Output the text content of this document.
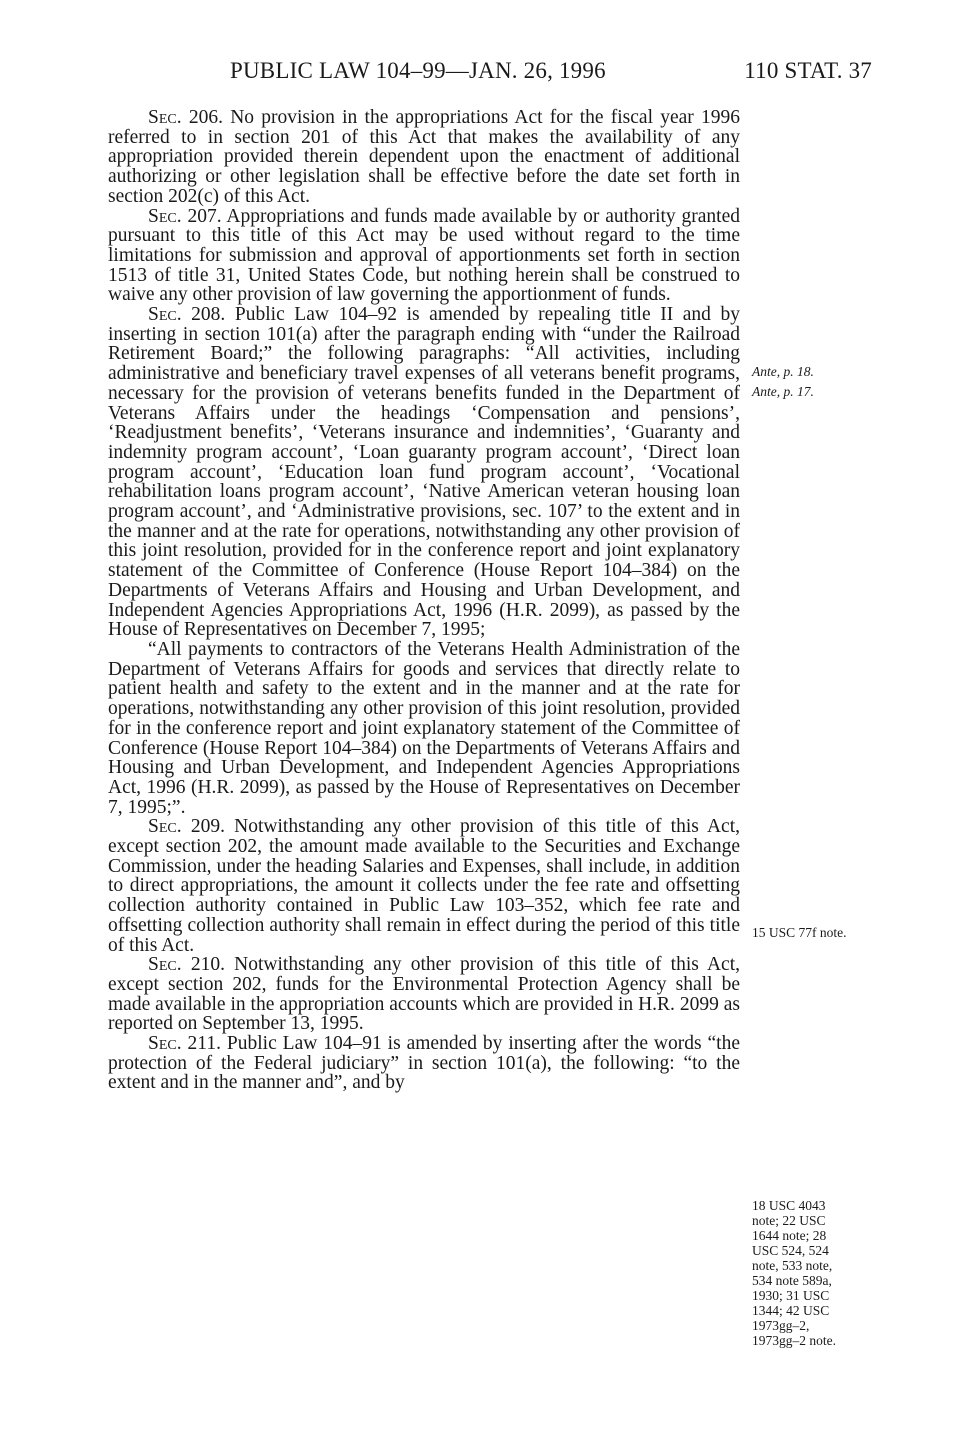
PUBLIC LAW 104–99—JAN. 26, 1996	110 STAT. 37

Sec. 206. No provision in the appropriations Act for the fiscal year 1996 referred to in section 201 of this Act that makes the availability of any appropriation provided therein dependent upon the enactment of additional authorizing or other legislation shall be effective before the date set forth in section 202(c) of this Act.

Sec. 207. Appropriations and funds made available by or authority granted pursuant to this title of this Act may be used without regard to the time limitations for submission and approval of apportionments set forth in section 1513 of title 31, United States Code, but nothing herein shall be construed to waive any other provision of law governing the apportionment of funds.

Sec. 208. Public Law 104–92 is amended by repealing title II and by inserting in section 101(a) after the paragraph ending with “under the Railroad Retirement Board;” the following paragraphs: “All activities, including administrative and beneficiary travel expenses of all veterans benefit programs, necessary for the provision of veterans benefits funded in the Department of Veterans Affairs under the headings ‘Compensation and pensions’, ‘Readjustment benefits’, ‘Veterans insurance and indemnities’, ‘Guaranty and indemnity program account’, ‘Loan guaranty program account’, ‘Direct loan program account’, ‘Education loan fund program account’, ‘Vocational rehabilitation loans program account’, ‘Native American veteran housing loan program account’, and ‘Administrative provisions, sec. 107’ to the extent and in the manner and at the rate for operations, notwithstanding any other provision of this joint resolution, provided for in the conference report and joint explanatory statement of the Committee of Conference (House Report 104–384) on the Departments of Veterans Affairs and Housing and Urban Development, and Independent Agencies Appropriations Act, 1996 (H.R. 2099), as passed by the House of Representatives on December 7, 1995;

“All payments to contractors of the Veterans Health Administration of the Department of Veterans Affairs for goods and services that directly relate to patient health and safety to the extent and in the manner and at the rate for operations, notwithstanding any other provision of this joint resolution, provided for in the conference report and joint explanatory statement of the Committee of Conference (House Report 104–384) on the Departments of Veterans Affairs and Housing and Urban Development, and Independent Agencies Appropriations Act, 1996 (H.R. 2099), as passed by the House of Representatives on December 7, 1995;”.

Sec. 209. Notwithstanding any other provision of this title of this Act, except section 202, the amount made available to the Securities and Exchange Commission, under the heading Salaries and Expenses, shall include, in addition to direct appropriations, the amount it collects under the fee rate and offsetting collection authority contained in Public Law 103–352, which fee rate and offsetting collection authority shall remain in effect during the period of this title of this Act.

Sec. 210. Notwithstanding any other provision of this title of this Act, except section 202, funds for the Environmental Protection Agency shall be made available in the appropriation accounts which are provided in H.R. 2099 as reported on September 13, 1995.

Sec. 211. Public Law 104–91 is amended by inserting after the words “the protection of the Federal judiciary” in section 101(a), the following: “to the extent and in the manner and”, and by

Ante, p. 18.
Ante, p. 17.
15 USC 77f note.
18 USC 4043
note; 22 USC
1644 note; 28
USC 524, 524
note, 533 note,
534 note 589a,
1930; 31 USC
1344; 42 USC
1973gg–2,
1973gg–2 note.
